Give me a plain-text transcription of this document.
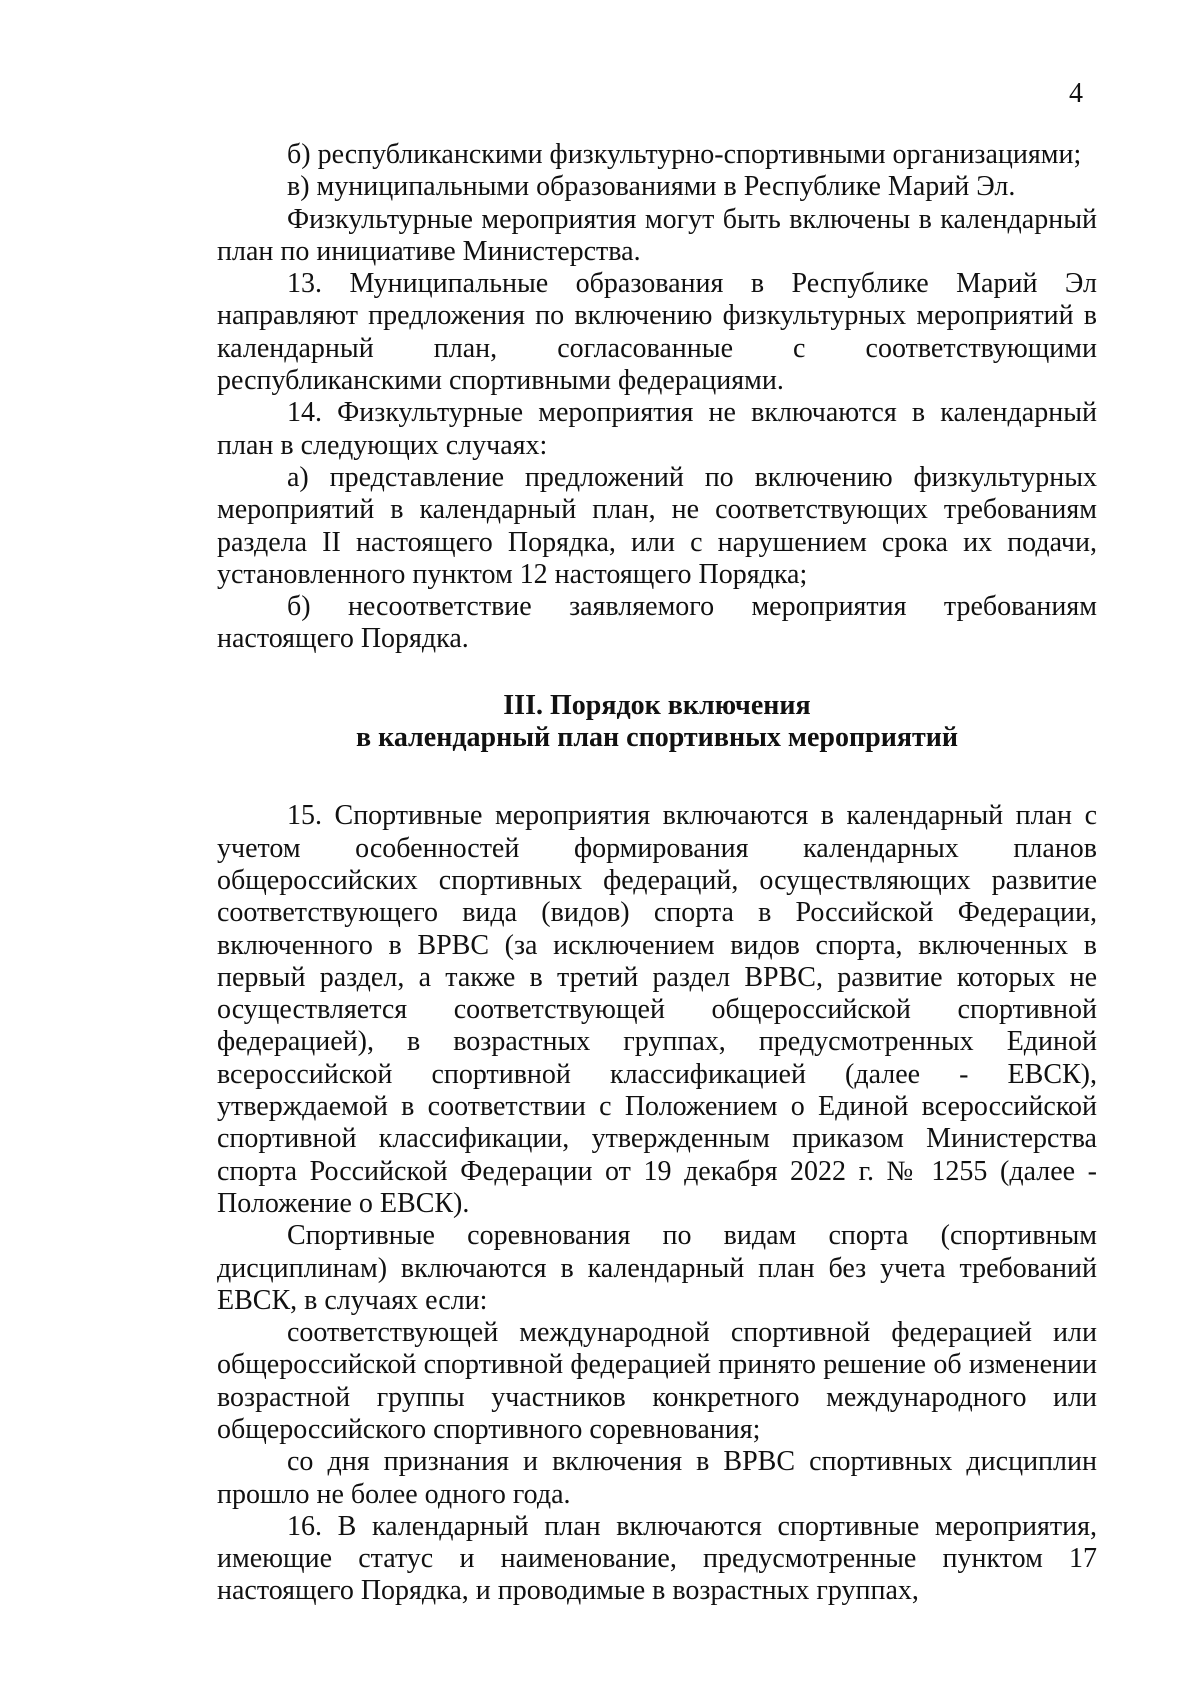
4

б) республиканскими физкультурно-спортивными организациями;

в) муниципальными образованиями в Республике Марий Эл.

Физкультурные мероприятия могут быть включены в календарный план по инициативе Министерства.

13. Муниципальные образования в Республике Марий Эл направляют предложения по включению физкультурных мероприятий в календарный план, согласованные с соответствующими республиканскими спортивными федерациями.

14. Физкультурные мероприятия не включаются в календарный план в следующих случаях:

а) представление предложений по включению физкультурных мероприятий в календарный план, не соответствующих требованиям раздела II настоящего Порядка, или с нарушением срока их подачи, установленного пунктом 12 настоящего Порядка;

б) несоответствие заявляемого мероприятия требованиям настоящего Порядка.

III. Порядок включения

в календарный план спортивных мероприятий

15. Спортивные мероприятия включаются в календарный план с учетом особенностей формирования календарных планов общероссийских спортивных федераций, осуществляющих развитие соответствующего вида (видов) спорта в Российской Федерации, включенного в ВРВС (за исключением видов спорта, включенных в первый раздел, а также в третий раздел ВРВС, развитие которых не осуществляется соответствующей общероссийской спортивной федерацией), в возрастных группах, предусмотренных Единой всероссийской спортивной классификацией (далее - ЕВСК), утверждаемой в соответствии с Положением о Единой всероссийской спортивной классификации, утвержденным приказом Министерства спорта Российской Федерации от 19 декабря 2022 г. № 1255 (далее - Положение о ЕВСК).

Спортивные соревнования по видам спорта (спортивным дисциплинам) включаются в календарный план без учета требований ЕВСК, в случаях если:

соответствующей международной спортивной федерацией или общероссийской спортивной федерацией принято решение об изменении возрастной группы участников конкретного международного или общероссийского спортивного соревнования;

со дня признания и включения в ВРВС спортивных дисциплин прошло не более одного года.

16. В календарный план включаются спортивные мероприятия, имеющие статус и наименование, предусмотренные пунктом 17 настоящего Порядка, и проводимые в возрастных группах,
